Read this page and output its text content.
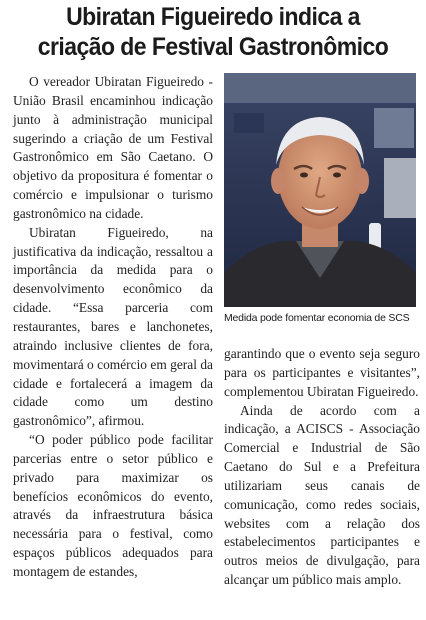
Ubiratan Figueiredo indica a
criação de Festival Gastronômico

O vereador Ubiratan Figueiredo - União Brasil encaminhou indicação junto à administração municipal sugerindo a criação de um Festival Gastronômico em São Caetano. O objetivo da propositura é fomentar o comércio e impulsionar o turismo gastronômico na cidade.

Ubiratan Figueiredo, na justificativa da indicação, ressaltou a importância da medida para o desenvolvimento econômico da cidade. “Essa parceria com restaurantes, bares e lanchonetes, atraindo inclusive clientes de fora, movimentará o comércio em geral da cidade e fortalecerá a imagem da cidade como um destino gastronômico”, afirmou.

“O poder público pode facilitar parcerias entre o setor público e privado para maximizar os benefícios econômicos do evento, através da infraestrutura básica necessária para o festival, como espaços públicos adequados para montagem de estandes,

Medida pode fomentar economia de SCS

garantindo que o evento seja seguro para os participantes e visitantes”, complementou Ubiratan Figueiredo.

Ainda de acordo com a indicação, a ACISCS - Associação Comercial e Industrial de São Caetano do Sul e a Prefeitura utilizariam seus canais de comunicação, como redes sociais, websites com a relação dos estabelecimentos participantes e outros meios de divulgação, para alcançar um público mais amplo.
